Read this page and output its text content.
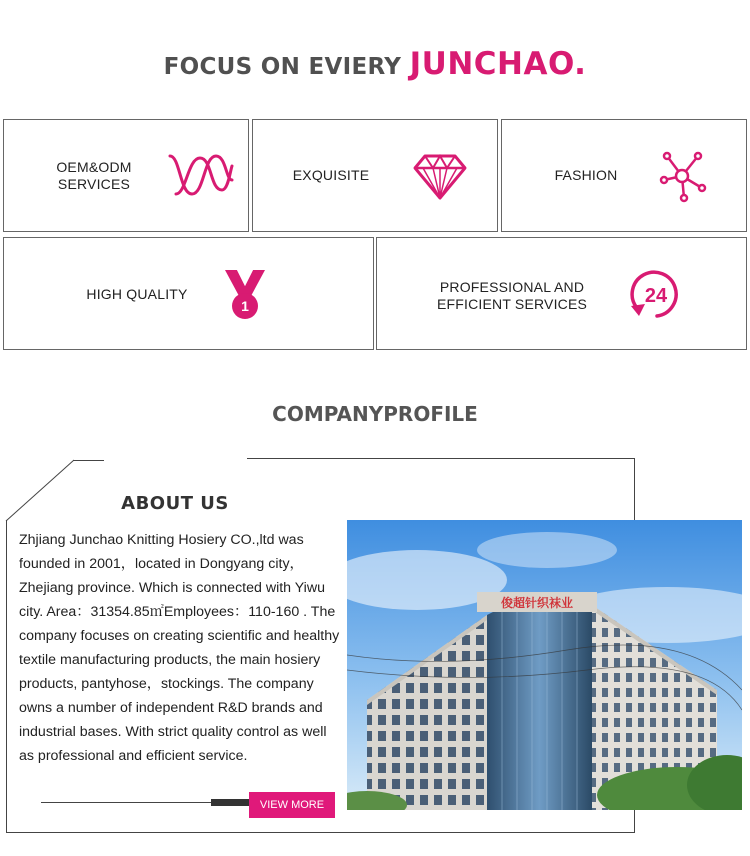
FOCUS ON EVIERY JUNCHAO.
OEM&ODM
SERVICES
EXQUISITE	FASHION
HIGH QUALITY
1
PROFESSIONAL AND
EFFICIENT SERVICES	24
COMPANYPROFILE
ABOUT US
Zhjiang Junchao Knitting Hosiery CO.,ltd was founded in 2001，located in Dongyang city，Zhejiang province. Which is connected with Yiwu city. Area：31354.85㎡Employees：110-160 . The company focuses on creating scientific and healthy textile manufacturing products, the main hosiery products, pantyhose，stockings. The company owns a number of independent R&D brands and industrial bases. With strict quality control as well as professional and efficient service.
俊超针织袜业
VIEW MORE
